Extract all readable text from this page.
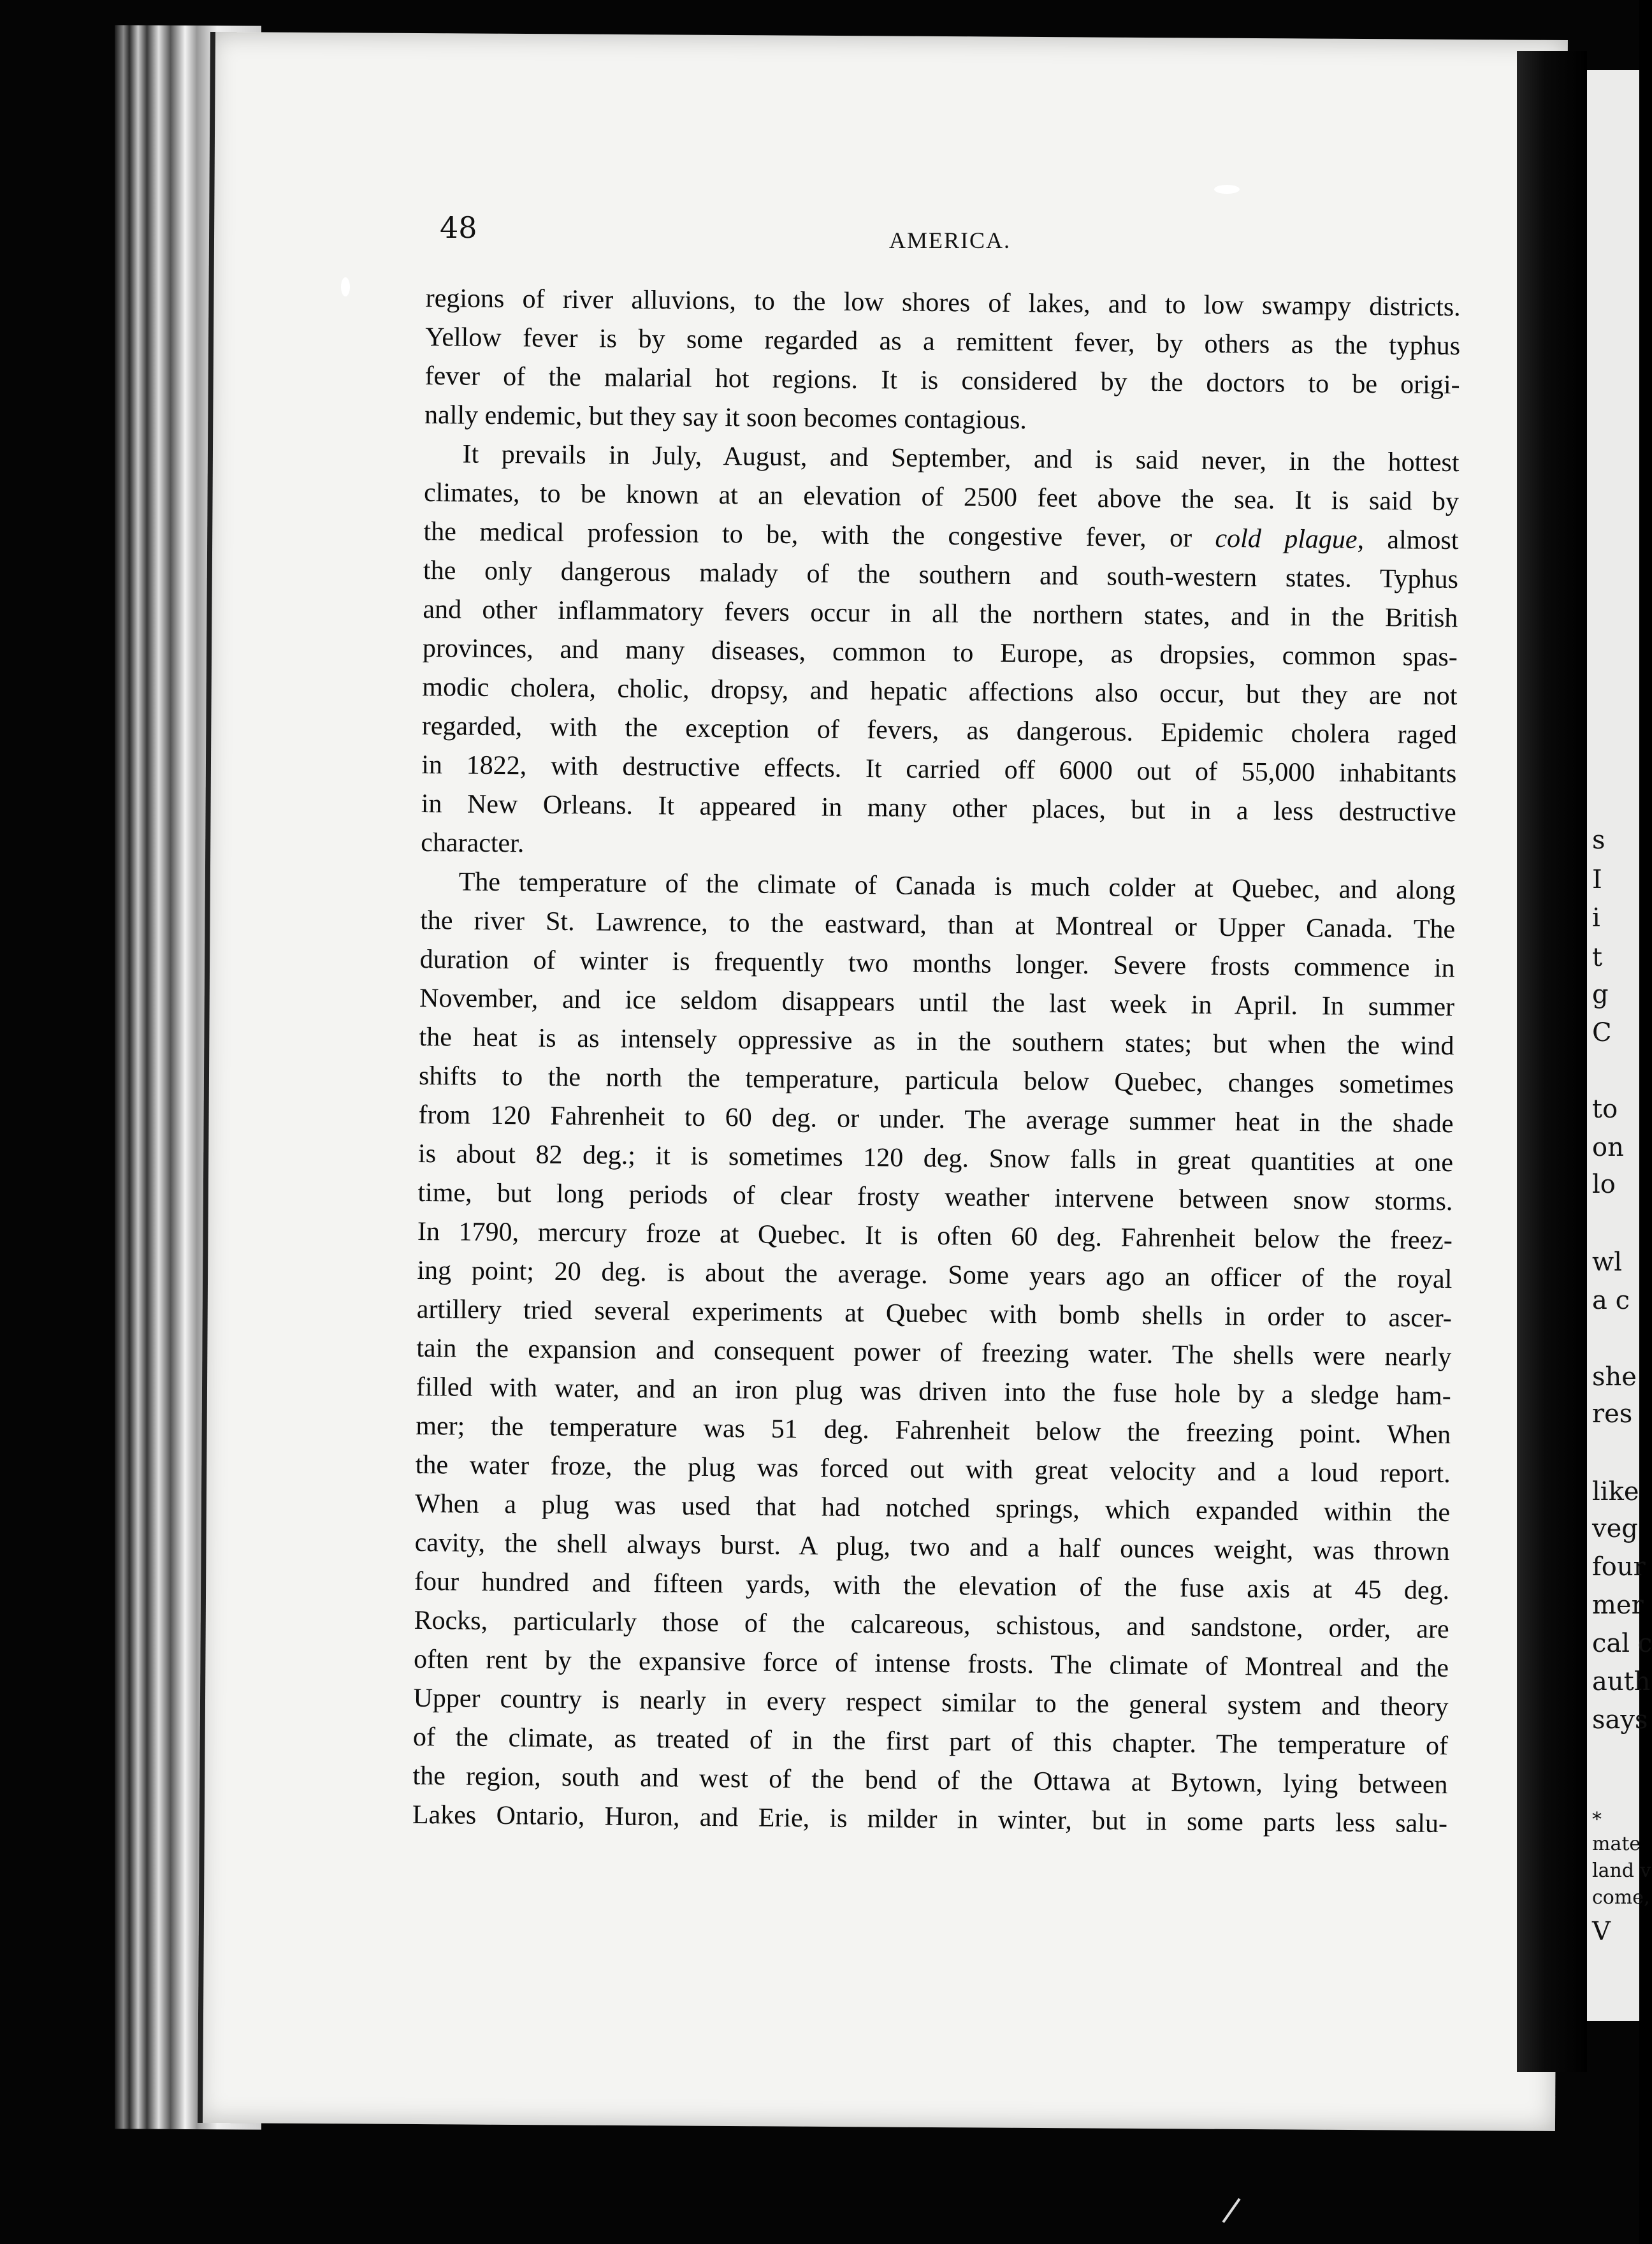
s
I
i
t
g
C
to
on
lo
wl
a c
she
res
like
veg
four
mer
cal c
auth
says
*
mate
land v
come,
V
48	AMERICA.
regions of river alluvions, to the low shores of lakes, and to low swampy districts.
Yellow fever is by some regarded as a remittent fever, by others as the typhus
fever of the malarial hot regions. It is considered by the doctors to be origi-
nally endemic, but they say it soon becomes contagious.
It prevails in July, August, and September, and is said never, in the hottest
climates, to be known at an elevation of 2500 feet above the sea. It is said by
the medical profession to be, with the congestive fever, or cold plague, almost
the only dangerous malady of the southern and south-western states. Typhus
and other inflammatory fevers occur in all the northern states, and in the British
provinces, and many diseases, common to Europe, as dropsies, common spas-
modic cholera, cholic, dropsy, and hepatic affections also occur, but they are not
regarded, with the exception of fevers, as dangerous. Epidemic cholera raged
in 1822, with destructive effects. It carried off 6000 out of 55,000 inhabitants
in New Orleans. It appeared in many other places, but in a less destructive
character.
The temperature of the climate of Canada is much colder at Quebec, and along
the river St. Lawrence, to the eastward, than at Montreal or Upper Canada. The
duration of winter is frequently two months longer. Severe frosts commence in
November, and ice seldom disappears until the last week in April. In summer
the heat is as intensely oppressive as in the southern states; but when the wind
shifts to the north the temperature, particula below Quebec, changes sometimes
from 120 Fahrenheit to 60 deg. or under. The average summer heat in the shade
is about 82 deg.; it is sometimes 120 deg. Snow falls in great quantities at one
time, but long periods of clear frosty weather intervene between snow storms.
In 1790, mercury froze at Quebec. It is often 60 deg. Fahrenheit below the freez-
ing point; 20 deg. is about the average. Some years ago an officer of the royal
artillery tried several experiments at Quebec with bomb shells in order to ascer-
tain the expansion and consequent power of freezing water. The shells were nearly
filled with water, and an iron plug was driven into the fuse hole by a sledge ham-
mer; the temperature was 51 deg. Fahrenheit below the freezing point. When
the water froze, the plug was forced out with great velocity and a loud report.
When a plug was used that had notched springs, which expanded within the
cavity, the shell always burst. A plug, two and a half ounces weight, was thrown
four hundred and fifteen yards, with the elevation of the fuse axis at 45 deg.
Rocks, particularly those of the calcareous, schistous, and sandstone, order, are
often rent by the expansive force of intense frosts. The climate of Montreal and the
Upper country is nearly in every respect similar to the general system and theory
of the climate, as treated of in the first part of this chapter. The temperature of
the region, south and west of the bend of the Ottawa at Bytown, lying between
Lakes Ontario, Huron, and Erie, is milder in winter, but in some parts less salu-
